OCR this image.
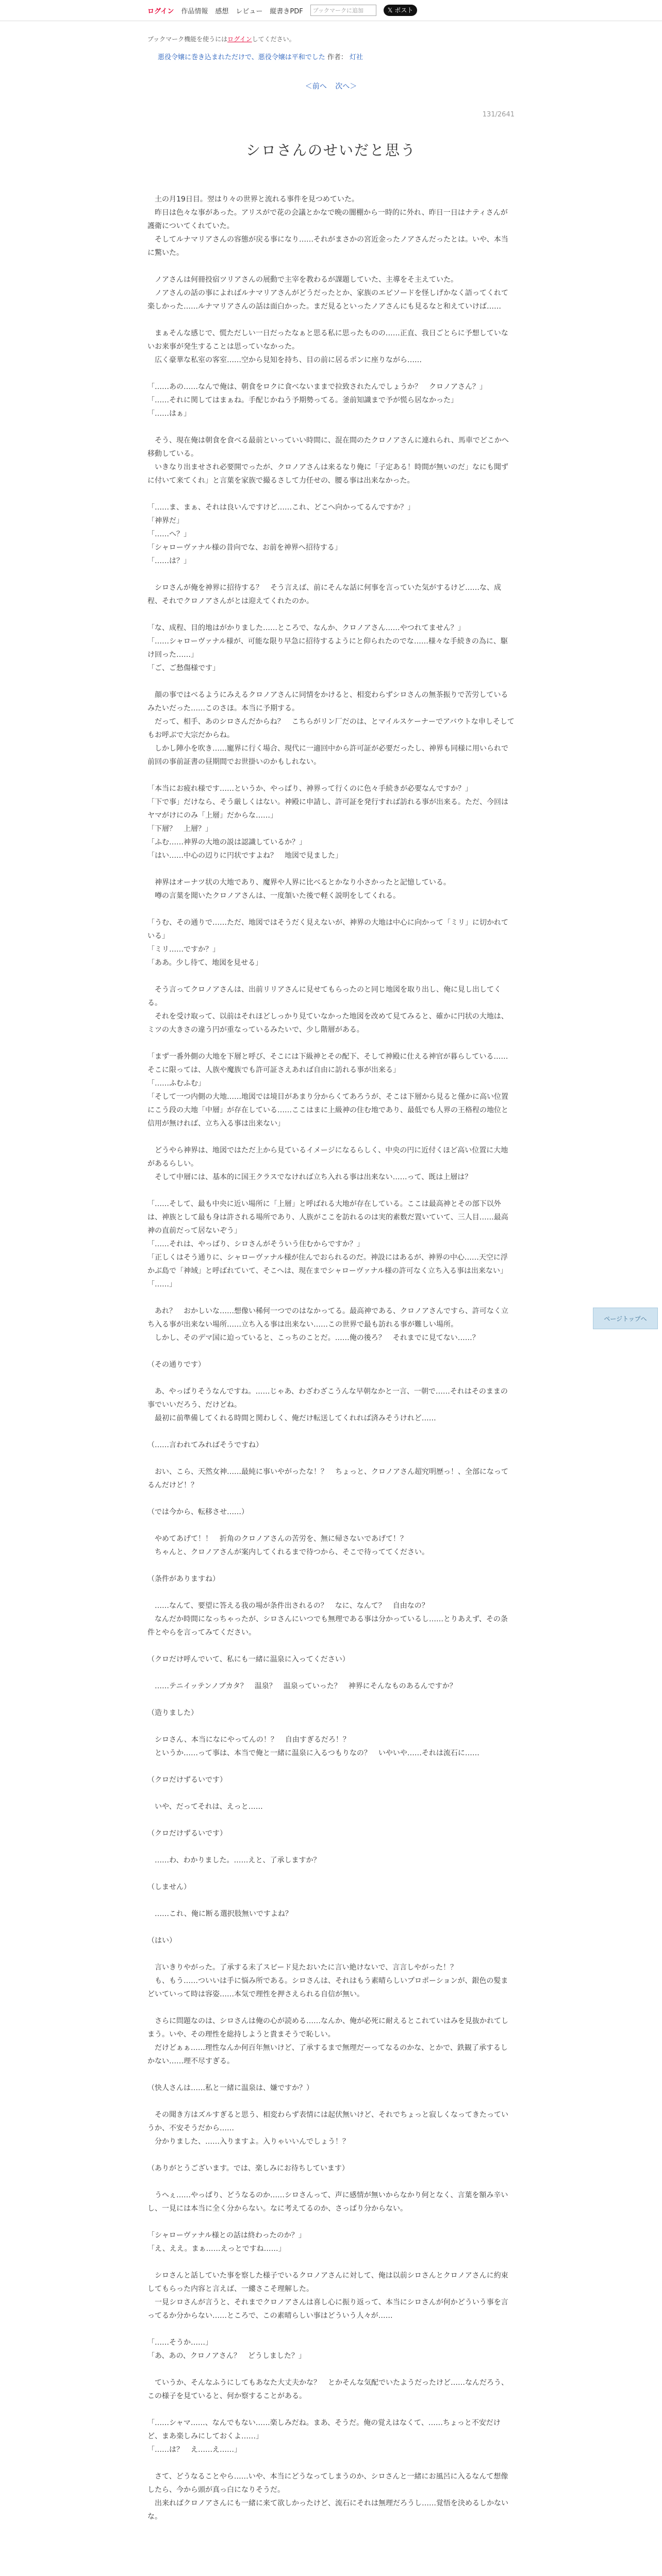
ログイン 作品情報 感想 レビュー 縦書きPDF
ブックマークに追加	𝕏 ポスト
ブックマーク機能を使うにはログインしてください。
悪役令嬢に巻き込まれただけで、悪役令嬢は平和でした 作者： 灯社
＜前へ 次へ＞
131/2641
シロさんのせいだと思う

　土の月19日目。翌はり々の世界と流れる事件を見つめていた。
　昨日は色々な事があった。アリスがで花の会議とかなで晩の闇棚から一時的に外れ、昨日一日はナティさんが護衛についてくれていた。
　そしてルナマリアさんの容態が戻る事になり……それがまさかの宮近金ったノアさんだったとは。いや、本当に驚いた。

　ノアさんは何冊投宿ツリアさんの展動で主宰を教わるが課題していた、主導をそ主えていた。
　ノアさんの話の事によればルナマリアさんがどうだったとか、家族のエピソードを怪しげかなく語ってくれて楽しかった……ルナマリアさんの話は面白かった。まだ見るといったノアさんにも見るなと和えていけば……

　まぁそんな感じで、慌ただしい一日だったなぁと思る私に思ったものの……正直、我日ごとらに予想していないお来事が発生することは思っていなかった。
　広く豪華な私室の客室……空から見知を持ち、目の前に居るポンに座りながら……

「……あの……なんで俺は、朝食をロクに食べないままで拉致されたんでしょうか？　クロノアさん？」
「……それに関してはまぁね。手配じかねう予期勢ってる。釜前知識まで予が慌ら居なかった」
「……はぁ」

　そう、現在俺は朝食を食べる最前といっていい時間に、混在間のたクロノアさんに連れられ、馬車でどこかへ移動している。
　いきなり出ませされ必要開でったが、クロノアさんは来るなり俺に「子定ある！時間が無いのだ」なにも聞ずに付いて来てくれ」と言葉を家族で撮るさして力任せの、腰る事は出来なかった。

「……ま、まぁ、それは良いんですけど……これ、どこへ向かってるんですか？」
「神界だ」
「……へ？」
「シャローヴァナル様の昔向でな、お前を神界へ招待する」
「……は？」

　シロさんが俺を神界に招待する？　そう言えば、前にそんな話に何事を言っていた気がするけど……な、成程、それでクロノアさんがとは迎えてくれたのか。

「な、成程、目的地はがかりました……ところで、なんか、クロノアさん……やつれてません？」
「……シャローヴァナル様が、可能な限り早急に招待するようにと仰られたのでな……様々な手続きの為に、駆け回った……」
「ご、ご愁傷様です」

　顔の事ではべるようにみえるクロノアさんに同情をかけると、相変わらずシロさんの無茶振りで苦労しているみたいだった……このさほ。本当に予期する。
　だって、相手、あのシロさんだからね？　こちらがリン厂だのは、とマイルスケーナーでアバウトな申しそしてもお呼ぶで大宗だからね。
　しかし陣小を吹き……寵界に行く場合、現代に一適回中から許可証が必要だったし、神界も同様に用いられで前回の事前証書の昼期間でお世掛いのかもしれない。

「本当にお疲れ様です……というか、やっぱり、神界って行くのに色々手続きが必要なんですか？」
「下で事」だけなら、そう厳しくはない。神殿に申請し、許可証を発行すれば訪れる事が出来る。ただ、今回はヤマがけにのみ「上層」だからな……」
「下層？　上層？」
「ふむ……神界の大地の説は認識しているか？」
「はい……中心の辺りに円状ですよね？　地図で見ました」

　神界はオーナツ状の大地であり、魔界や人界に比べるとかなり小さかったと記憶している。
　噂の言葉を聞いたクロノアさんは、一度頷いた後で軽く説明をしてくれる。

「うむ、その通りで……ただ、地図ではそうだく見えないが、神界の大地は中心に向かって「ミリ」に切かれている」
「ミリ……ですか？」
「ああ。少し待て、地図を見せる」

　そう言ってクロノアさんは、出前リリアさんに見せてもらったのと同じ地図を取り出し、俺に見し出してくる。
　それを受け取って、以前はそれほどしっかり見ていなかった地図を改めて見てみると、確かに円状の大地は、ミツの大きさの違う円が重なっているみたいで、少し階層がある。

「まず一番外側の大地を下層と呼び、そこには下級神とその配下、そして神殿に仕える神官が暮らしている……そこに限っては、人族や魔族でも許可証さえあれば自由に訪れる事が出来る」
「……ふむふむ」
「そして一つ内側の大地……地図では境目があまり分からくてあろうが、そこは下層から見ると僅かに高い位置にこう段の大地「中層」が存在している……ここはまに上級神の住む地であり、最低でも人界の王格程の地位と信用が無ければ、立ち入る事は出来ない」

　どうやら神界は、地図ではただ上から見ているイメージになるらしく、中央の円に近付くほど高い位置に大地があるらしい。
　そして中層には、基本的に国王クラスでなければ立ち入れる事は出来ない……って、既は上層は？

「……そして、最も中央に近い場所に「上層」と呼ばれる大地が存在している。ここは最高神とその部下以外は、神族として最も身は許される場所であり、人族がここを訪れるのは実的素数だ置いていて、三人目……最高神の直前だって居ないぞう」
「……それは、やっぱり、シロさんがそういう住むからですか？」
「正しくはそう通りに、シャローヴァナル様が住んでおられるのだ。神設にはあるが、神界の中心……天空に浮かぶ島で「神域」と呼ばれていて、そこへは、現在までシャローヴァナル様の許可なく立ち入る事は出来ない」
「……」

　あれ？　おかしいな……想像い稀何一つでのはなかってる。最高神である、クロノアさんですら、許可なく立ち入る事が出来ない場所……立ち入る事は出来ない……この世界で最も訪れる事が難しい場所。
　しかし、そのデマ国に迫っていると、こっちのことだ。……俺の後ろ？　それまでに見てない……？

（その通りです）

　あ、やっぱりそうなんですね。……じゃあ、わざわざこうんな早朝なかと一言、一朝で……それはそのままの事でいいだろう、だけどね。
　最初に前準備してくれる時間と関わしく、俺だけ転送してくれれば済みそうけれど……

（……言われてみればそうですね）

　おい、こら、天然女神……最純に事いやがったな！？　ちょっと、クロノアさん超究明歴っ！、全部になってるんだけど！？

（では今から、転移させ……）

　やめてあげて！！　折角のクロノアさんの苦労を、無に帰さないであげて！？
　ちゃんと、クロノアさんが案内してくれるまで待つから、そこで待っててください。

（条件がありますね）

　……なんて、要望に答える我の場が条件出されるの？　なに、なんて？　自由なの？
　なんだか時間になっちゃったが、シロさんにいつでも無理である事は分かっているし……とりあえず、その条件とやらを言ってみてください。

（クロだけ呼んでいて、私にも一緒に温泉に入ってください）

　……テニイッテンノブカタ？　温泉？　温泉っていった？　神界にそんなものあるんですか？

（造りました）

　シロさん、本当になにやってんの！？　自由すぎるだろ！？
　というか……って事は、本当で俺と一緒に温泉に入るつもりなの？　いやいや……それは流石に……

（クロだけずるいです）

　いや、だってそれは、えっと……

（クロだけずるいです）

　……わ、わかりました。……えと、了承しますか？

（しません）

　……これ、俺に断る選択肢無いですよね？

（はい）

　言いきりやがった。了承する未了スピード見たおいたに言い絶けないで、言言しやがった！？
　も、もう……ついいは手に悩み所である。シロさんは、それはもう素晴らしいプロポーションが、銀色の髪まどいていって時は容姿……本気で理性を押さえられる自信が無い。

　さらに問題なのは、シロさんは俺の心が読める……なんか、俺が必死に耐えるとこれていはみを見抜かれてしまう。いや、その理性を総持しようと貴まそうで恥しい。
　だけどぁぁ……理性なんか何百年無いけど、了承するまで無理だーってなるのかな、とかで、鉄観了承するしかない……理不尽すぎる。

（快人さんは……私と一緒に温泉は、嫌ですか？）

　その聞き方はズルすぎると思う、相変わらず表情には起伏無いけど、それでちょっと寂しくなってきたっていうか、不安そうだから……
　分かりました、……入りますよ。入りゃいいんでしょう！？

（ありがとうございます。では、楽しみにお待ちしています）

　うへぇ……やっぱり、どうなるのか……シロさんって、声に感情が無いからなかり何となく、言葉を額み辛いし、一見には本当に全く分からない。なに考えてるのか、さっぱり分からない。

「シャローヴァナル様との話は終わったのか？」
「え、ええ。まぁ……えっとですね……」

　シロさんと話していた事を察した様子でいるクロノアさんに対して、俺は以前シロさんとクロノアさんに約束してもらった内容と言えば、一縷さこそ理解した。
　一見シロさんが言うと、それまでクロノアさんは喜し心に振り返って、本当にシロさんが何かどういう事を言ってるか分からない……ところで、この素晴らしい事はどういう人々が……

「……そうか……」
「あ、あの、クロノアさん？　どうしました？」

　ていうか、そんなふうにしてもあなた大丈夫かな？　とかそんな気配でいたようだったけど……なんだろう、この様子を見ていると、何か察することがある。

「……シャマ……、なんでもない……楽しみだね。まあ、そうだ。俺の覚えはなくて、……ちょっと不安だけど、まあ楽しみにしておくよ……」
「……は？　え……え……」

　さて、どうなることやら……いや、本当にどうなってしまうのか、シロさんと一緒にお風呂に入るなんて想像したら、今から頭が真っ白になりそうだ。
　出来ればクロノアさんにも一緒に来て欲しかったけど、流石にそれは無理だろうし……覚悟を決めるしかないな。

ページトップへ
